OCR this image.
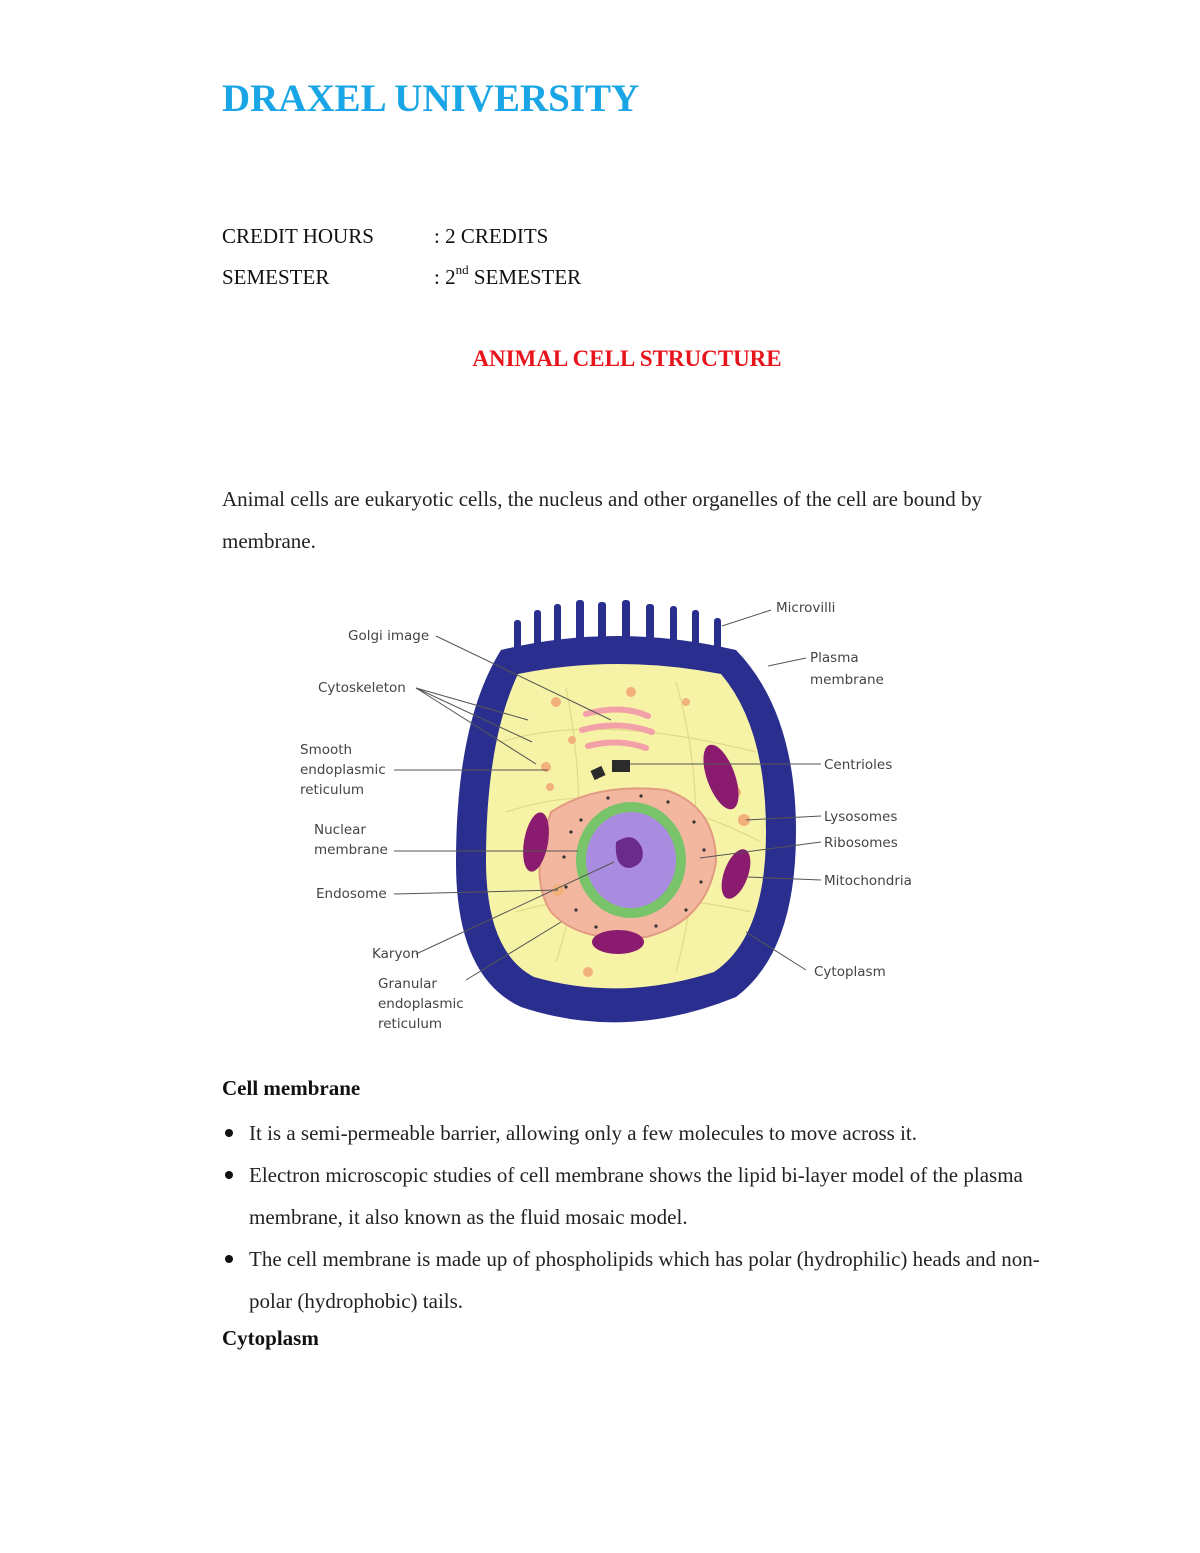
DRAXEL UNIVERSITY
CREDIT HOURS	: 2 CREDITS
SEMESTER	: 2nd SEMESTER
ANIMAL CELL STRUCTURE
Animal cells are eukaryotic cells, the nucleus and other organelles of the cell are bound by membrane.
Golgi image
Cytoskeleton
Smooth
endoplasmic
reticulum
Nuclear
membrane
Endosome
Karyon
Granular
endoplasmic
reticulum
Microvilli
Plasma
membrane
Centrioles
Lysosomes
Ribosomes
Mitochondria
Cytoplasm
Cell membrane
It is a semi-permeable barrier, allowing only a few molecules to move across it.
Electron microscopic studies of cell membrane shows the lipid bi-layer model of the plasma membrane, it also known as the fluid mosaic model.
The cell membrane is made up of phospholipids which has polar (hydrophilic) heads and non-polar (hydrophobic) tails.
Cytoplasm
